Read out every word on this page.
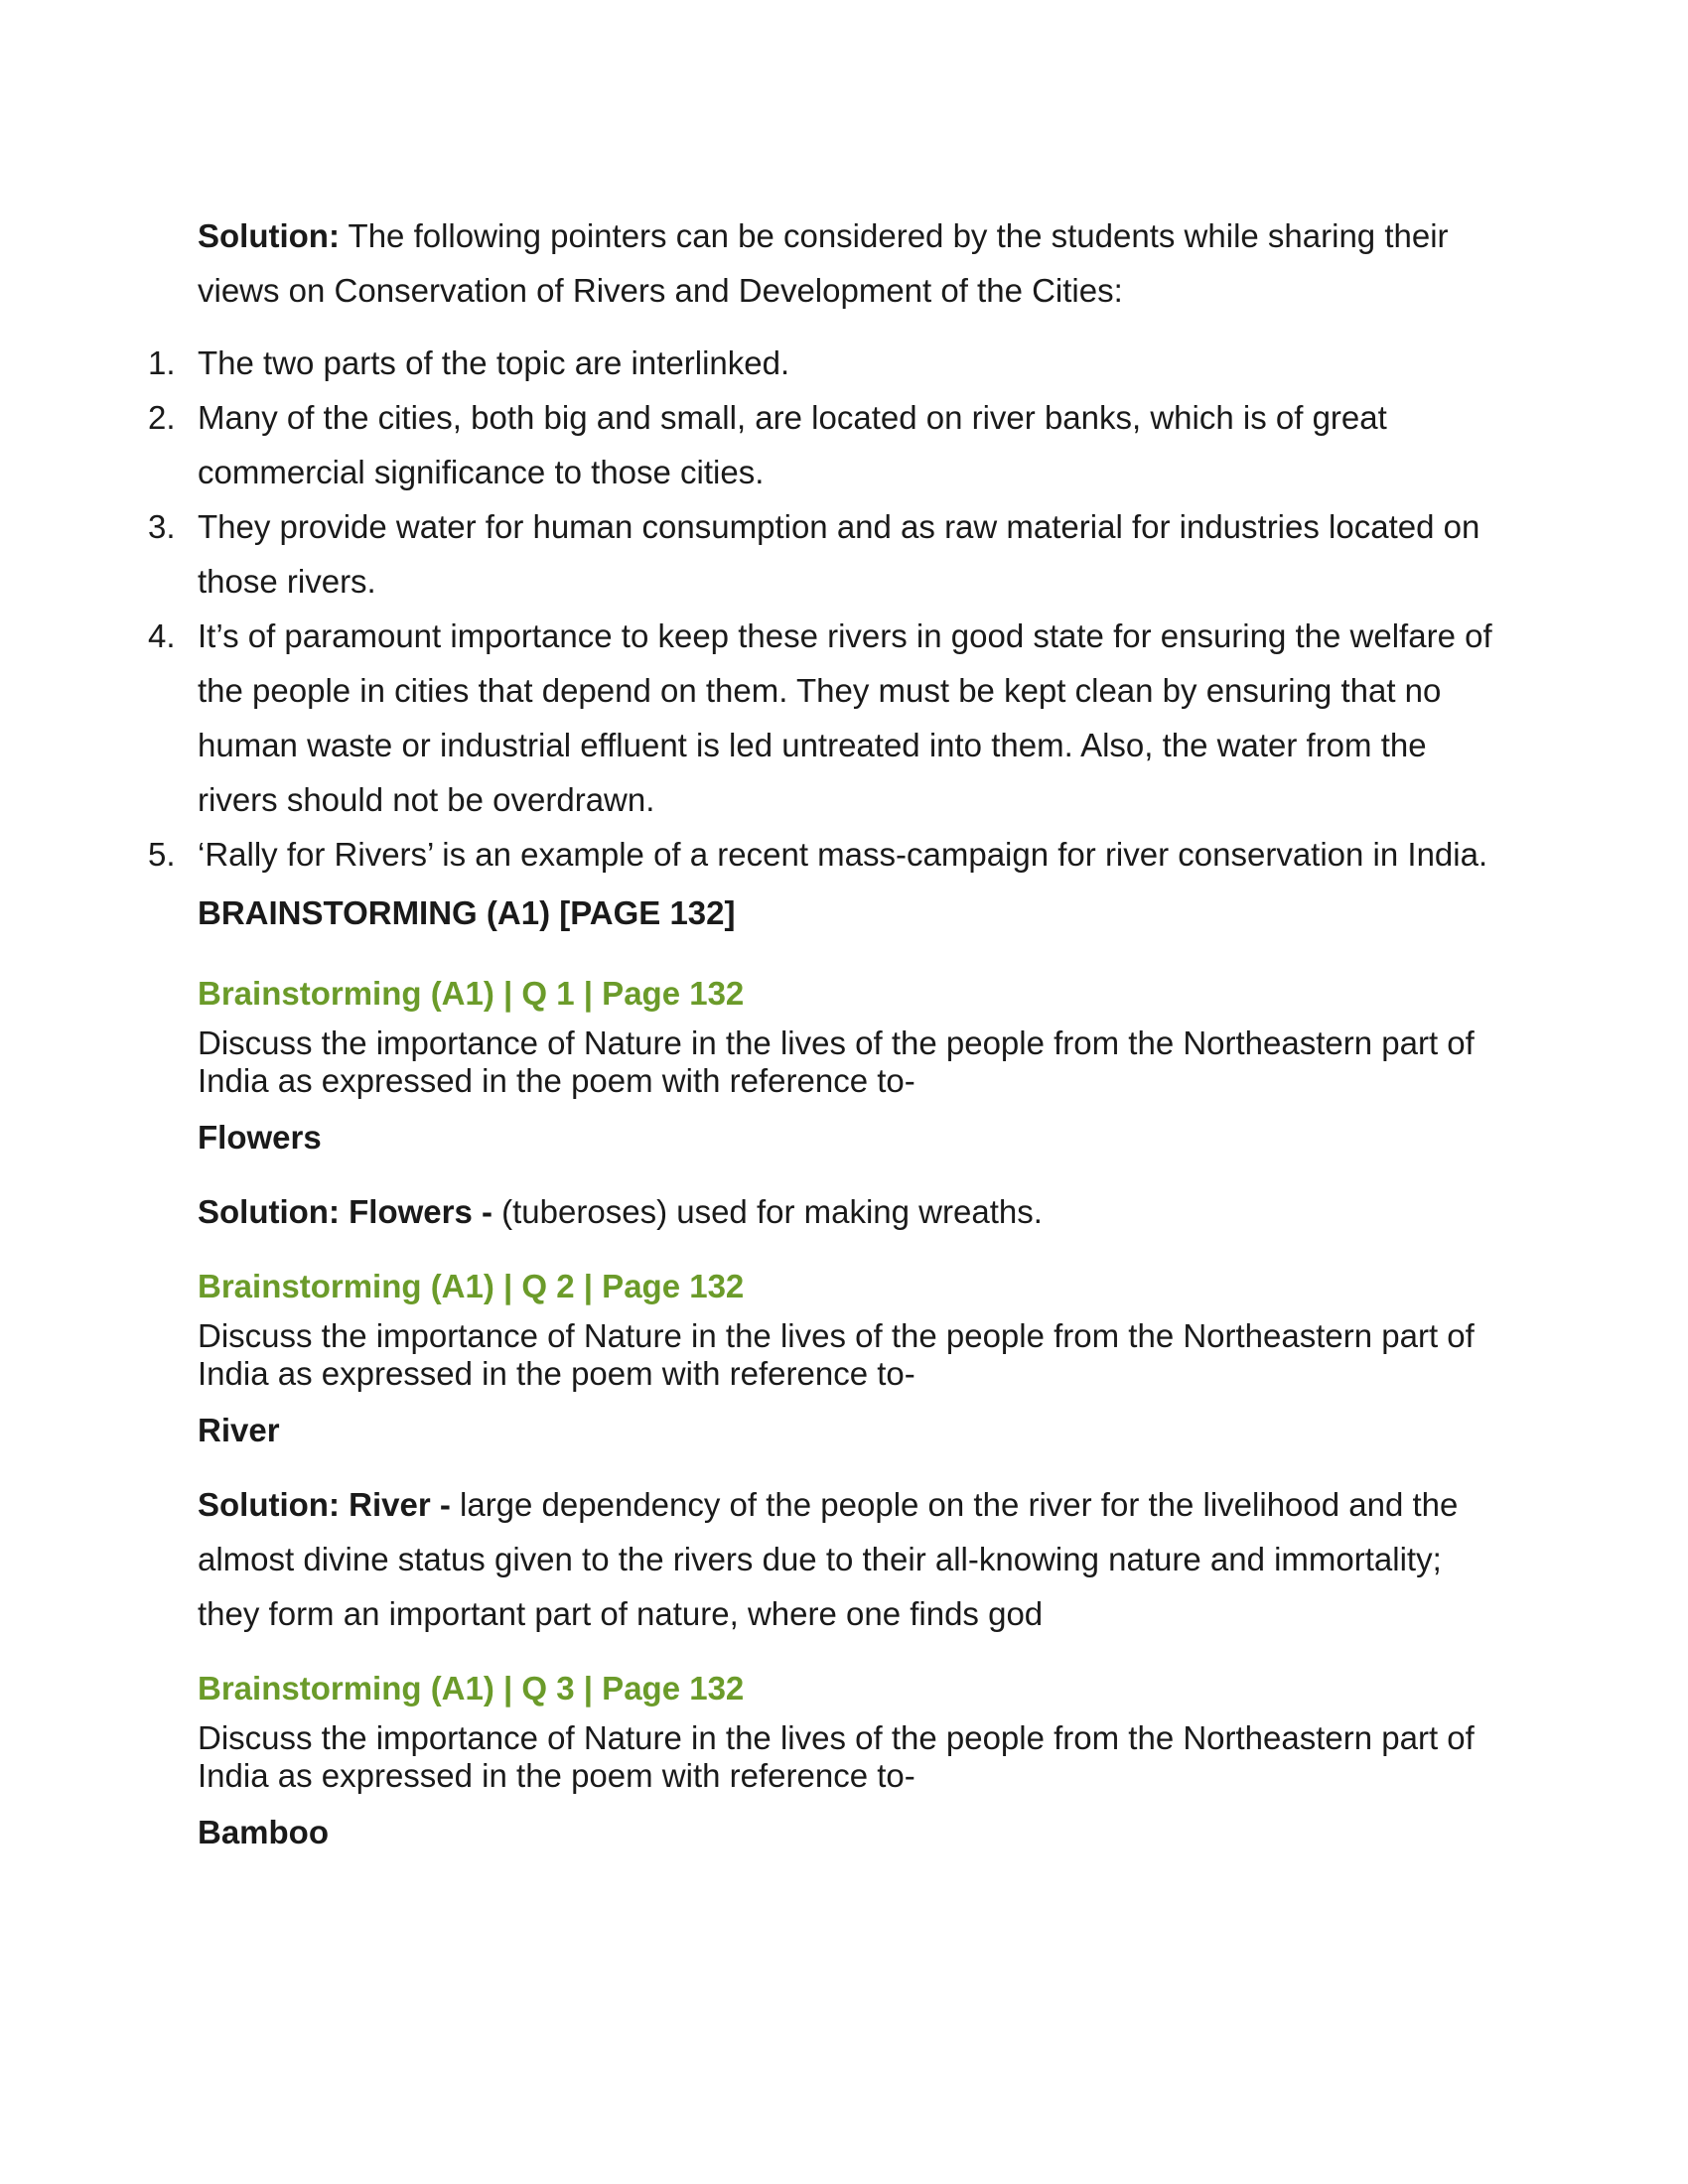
Solution: The following pointers can be considered by the students while sharing their views on Conservation of Rivers and Development of the Cities:

1. The two parts of the topic are interlinked.
2. Many of the cities, both big and small, are located on river banks, which is of great commercial significance to those cities.
3. They provide water for human consumption and as raw material for industries located on those rivers.
4. It’s of paramount importance to keep these rivers in good state for ensuring the welfare of the people in cities that depend on them. They must be kept clean by ensuring that no human waste or industrial effluent is led untreated into them. Also, the water from the rivers should not be overdrawn.
5. ‘Rally for Rivers’ is an example of a recent mass-campaign for river conservation in India.

BRAINSTORMING (A1) [PAGE 132]

Brainstorming (A1) | Q 1 | Page 132

Discuss the importance of Nature in the lives of the people from the Northeastern part of India as expressed in the poem with reference to-

Flowers

Solution: Flowers - (tuberoses) used for making wreaths.

Brainstorming (A1) | Q 2 | Page 132

Discuss the importance of Nature in the lives of the people from the Northeastern part of India as expressed in the poem with reference to-

River

Solution: River - large dependency of the people on the river for the livelihood and the almost divine status given to the rivers due to their all-knowing nature and immortality; they form an important part of nature, where one finds god

Brainstorming (A1) | Q 3 | Page 132

Discuss the importance of Nature in the lives of the people from the Northeastern part of India as expressed in the poem with reference to-

Bamboo
